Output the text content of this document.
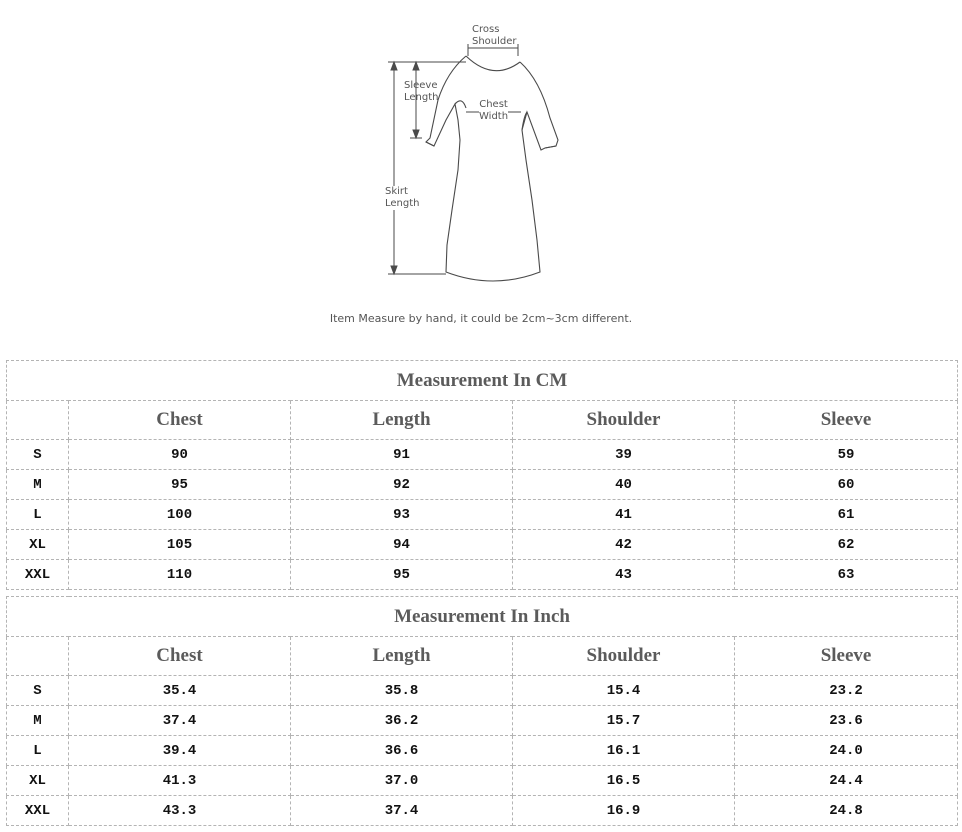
Cross
Shoulder
Sleeve
Length
Chest
Width
Skirt
Length
Item Measure by hand, it could be 2cm~3cm different.
Measurement In CM				
	Chest	Length	Shoulder	Sleeve
S	90	91	39	59
M	95	92	40	60
L	100	93	41	61
XL	105	94	42	62
XXL	110	95	43	63
Measurement In Inch				
	Chest	Length	Shoulder	Sleeve
S	35.4	35.8	15.4	23.2
M	37.4	36.2	15.7	23.6
L	39.4	36.6	16.1	24.0
XL	41.3	37.0	16.5	24.4
XXL	43.3	37.4	16.9	24.8
